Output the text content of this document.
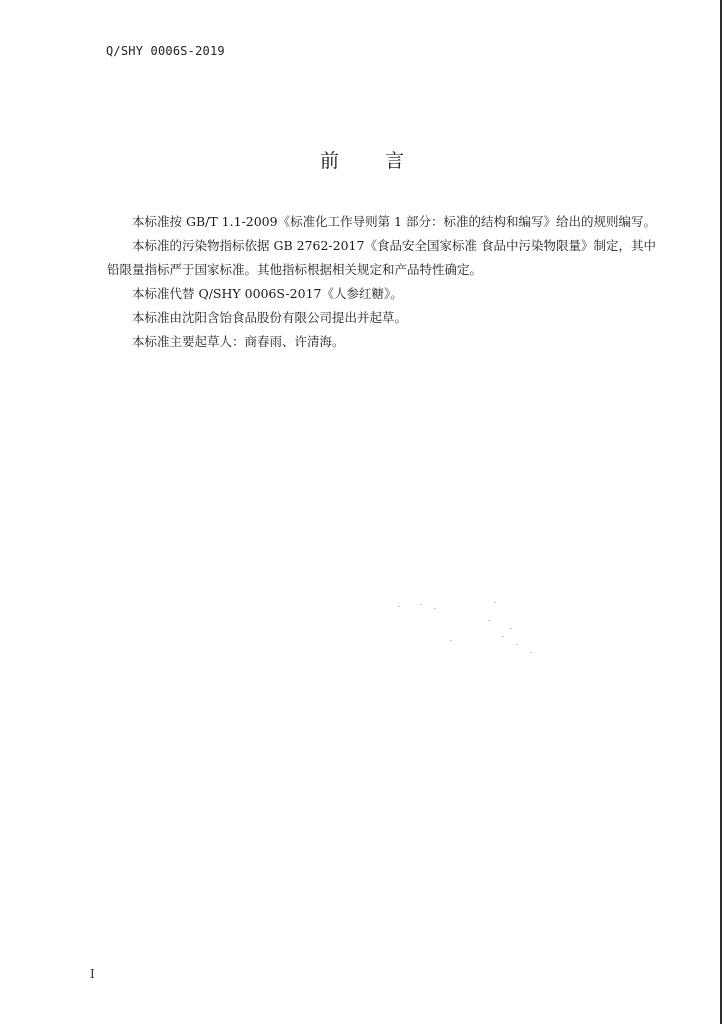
Q/SHY 0006S-2019
前 言

本标准按 GB/T 1.1-2009《标准化工作导则第 1 部分：标准的结构和编写》给出的规则编写。

本标准的污染物指标依据 GB 2762-2017《食品安全国家标准 食品中污染物限量》制定，其中铅限量指标严于国家标准。其他指标根据相关规定和产品特性确定。

本标准代替 Q/SHY 0006S-2017《人参红糖》。

本标准由沈阳含饴食品股份有限公司提出并起草。

本标准主要起草人：商春雨、许清海。

I
